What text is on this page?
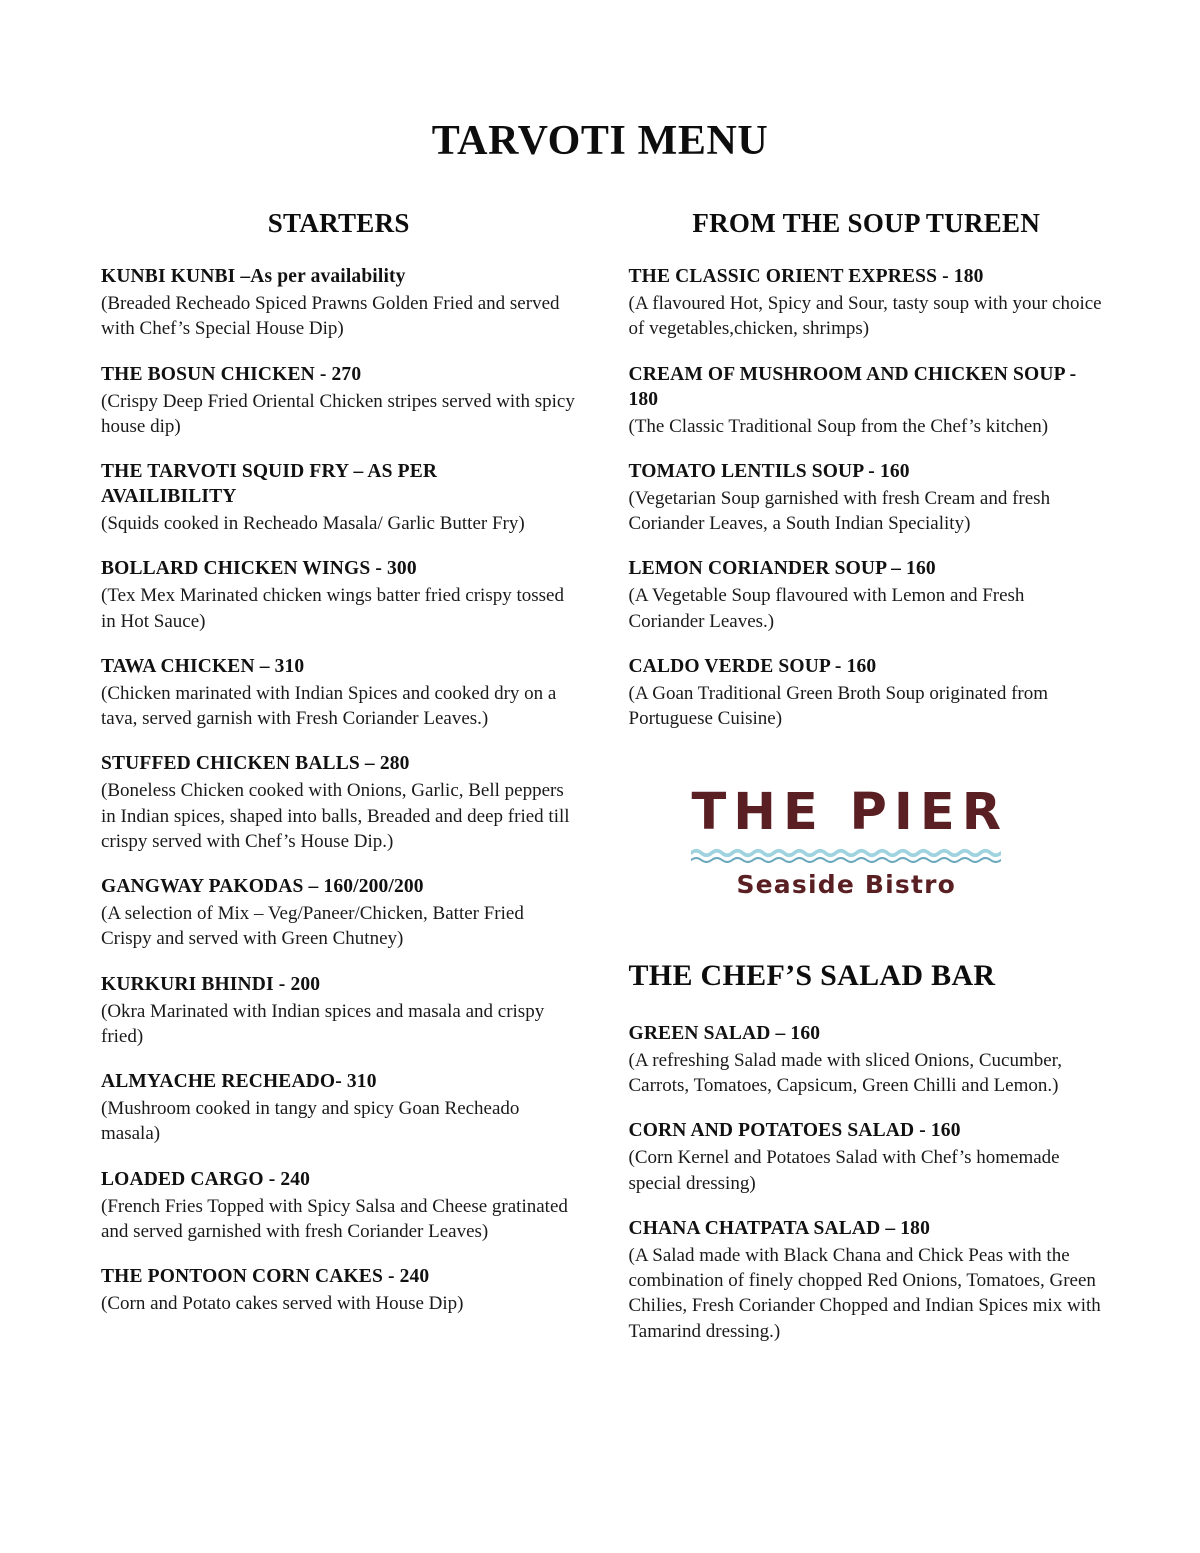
TARVOTI MENU
STARTERS

KUNBI KUNBI –As per availability

(Breaded Recheado Spiced Prawns Golden Fried and served with Chef’s Special House Dip)

THE BOSUN CHICKEN - 270

(Crispy Deep Fried Oriental Chicken stripes served with spicy house dip)

THE TARVOTI SQUID FRY – AS PER AVAILIBILITY

(Squids cooked in Recheado Masala/ Garlic Butter Fry)

BOLLARD CHICKEN WINGS - 300

(Tex Mex Marinated chicken wings batter fried crispy tossed in Hot Sauce)

TAWA CHICKEN – 310

(Chicken marinated with Indian Spices and cooked dry on a tava, served garnish with Fresh Coriander Leaves.)

STUFFED CHICKEN BALLS – 280

(Boneless Chicken cooked with Onions, Garlic, Bell peppers in Indian spices, shaped into balls, Breaded and deep fried till crispy served with Chef’s House Dip.)

GANGWAY PAKODAS – 160/200/200

(A selection of Mix – Veg/Paneer/Chicken, Batter Fried Crispy and served with Green Chutney)

KURKURI BHINDI - 200

(Okra Marinated with Indian spices and masala and crispy fried)

ALMYACHE RECHEADO- 310

(Mushroom cooked in tangy and spicy Goan Recheado masala)

LOADED CARGO - 240

(French Fries Topped with Spicy Salsa and Cheese gratinated and served garnished with fresh Coriander Leaves)

THE PONTOON CORN CAKES - 240

(Corn and Potato cakes served with House Dip)

FROM THE SOUP TUREEN

THE CLASSIC ORIENT EXPRESS - 180

(A flavoured Hot, Spicy and Sour, tasty soup with your choice of vegetables,chicken, shrimps)

CREAM OF MUSHROOM AND CHICKEN SOUP - 180

(The Classic Traditional Soup from the Chef’s kitchen)

TOMATO LENTILS SOUP - 160

(Vegetarian Soup garnished with fresh Cream and fresh Coriander Leaves, a South Indian Speciality)

LEMON CORIANDER SOUP – 160

(A Vegetable Soup flavoured with Lemon and Fresh Coriander Leaves.)

CALDO VERDE SOUP - 160

(A Goan Traditional Green Broth Soup originated from Portuguese Cuisine)

THE PIER

Seaside Bistro

THE CHEF’S SALAD BAR

GREEN SALAD – 160

(A refreshing Salad made with sliced Onions, Cucumber, Carrots, Tomatoes, Capsicum, Green Chilli and Lemon.)

CORN AND POTATOES SALAD - 160

(Corn Kernel and Potatoes Salad with Chef’s homemade special dressing)

CHANA CHATPATA SALAD – 180

(A Salad made with Black Chana and Chick Peas with the combination of finely chopped Red Onions, Tomatoes, Green Chilies, Fresh Coriander Chopped and Indian Spices mix with Tamarind dressing.)
